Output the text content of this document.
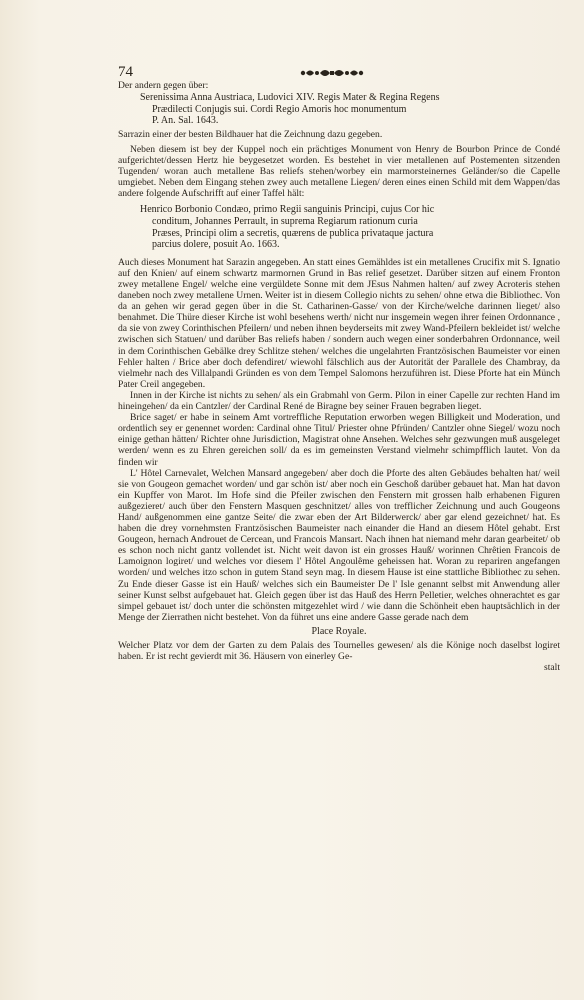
74

Der andern gegen über:

Serenissima Anna Austriaca, Ludovici XIV. Regis Mater & Regina Regens

Prædilecti Conjugis sui. Cordi Regio Amoris hoc monumentum

P. An. Sal. 1643.

Sarrazin einer der besten Bildhauer hat die Zeichnung dazu gegeben.

Neben diesem ist bey der Kuppel noch ein prächtiges Monument von Henry de Bourbon Prince de Condé aufgerichtet/dessen Hertz hie beygesetzet worden. Es bestehet in vier metallenen auf Postementen sitzenden Tugenden/ woran auch metallene Bas reliefs stehen/worbey ein marmorsteinernes Geländer/so die Capelle umgiebet. Neben dem Eingang stehen zwey auch metallene Liegen/ deren eines einen Schild mit dem Wappen/das andere folgende Aufschrifft auf einer Taffel hält:

Henrico Borbonio Condæo, primo Regii sanguinis Principi, cujus Cor hic

conditum, Johannes Perrault, in suprema Regiarum rationum curia

Præses, Principi olim a secretis, quærens de publica privataque jactura

parcius dolere, posuit Ao. 1663.

Auch dieses Monument hat Sarazin angegeben. An statt eines Gemähldes ist ein metallenes Crucifix mit S. Ignatio auf den Knien/ auf einem schwartz marmornen Grund in Bas relief gesetzet. Darüber sitzen auf einem Fronton zwey metallene Engel/ welche eine vergüldete Sonne mit dem JEsus Nahmen halten/ auf zwey Acroteris stehen daneben noch zwey metallene Urnen. Weiter ist in diesem Collegio nichts zu sehen/ ohne etwa die Bibliothec. Von da an gehen wir gerad gegen über in die St. Catharinen-Gasse/ von der Kirche/welche darinnen lieget/ also benahmet. Die Thüre dieser Kirche ist wohl besehens werth/ nicht nur insgemein wegen ihrer feinen Ordonnance , da sie von zwey Corinthischen Pfeilern/ und neben ihnen beyderseits mit zwey Wand-Pfeilern bekleidet ist/ welche zwischen sich Statuen/ und darüber Bas reliefs haben / sondern auch wegen einer sonderbahren Ordonnance, weil in dem Corinthischen Gebälke drey Schlitze stehen/ welches die ungelahrten Frantzösischen Baumeister vor einen Fehler halten / Brice aber doch defendiret/ wiewohl fälschlich aus der Autorität der Parallele des Chambray, da vielmehr nach des Villalpandi Gründen es von dem Tempel Salomons herzuführen ist. Diese Pforte hat ein Münch Pater Creil angegeben.

Innen in der Kirche ist nichts zu sehen/ als ein Grabmahl von Germ. Pilon in einer Capelle zur rechten Hand im hineingehen/ da ein Cantzler/ der Cardinal René de Biragne bey seiner Frauen begraben lieget.

Brice saget/ er habe in seinem Amt vortreffliche Reputation erworben wegen Billigkeit und Moderation, und ordentlich sey er genennet worden: Cardinal ohne Titul/ Priester ohne Pfründen/ Cantzler ohne Siegel/ wozu noch einige gethan hätten/ Richter ohne Jurisdiction, Magistrat ohne Ansehen. Welches sehr gezwungen muß ausgeleget werden/ wenn es zu Ehren gereichen soll/ da es im gemeinsten Verstand vielmehr schimpfflich lautet. Von da finden wir

L' Hôtel Carnevalet, Welchen Mansard angegeben/ aber doch die Pforte des alten Gebäudes behalten hat/ weil sie von Gougeon gemachet worden/ und gar schön ist/ aber noch ein Geschoß darüber gebauet hat. Man hat davon ein Kupffer von Marot. Im Hofe sind die Pfeiler zwischen den Fenstern mit grossen halb erhabenen Figuren außgezieret/ auch über den Fenstern Masquen geschnitzet/ alles von trefflicher Zeichnung und auch Gougeons Hand/ außgenommen eine gantze Seite/ die zwar eben der Art Bilderwerck/ aber gar elend gezeichnet/ hat. Es haben die drey vornehmsten Frantzösischen Baumeister nach einander die Hand an diesem Hôtel gehabt. Erst Gougeon, hernach Androuet de Cercean, und Francois Mansart. Nach ihnen hat niemand mehr daran gearbeitet/ ob es schon noch nicht gantz vollendet ist. Nicht weit davon ist ein grosses Hauß/ worinnen Chrêtien Francois de Lamoignon logiret/ und welches vor diesem l' Hôtel Angoulême geheissen hat. Woran zu repariren angefangen worden/ und welches itzo schon in gutem Stand seyn mag. In diesem Hause ist eine stattliche Bibliothec zu sehen. Zu Ende dieser Gasse ist ein Hauß/ welches sich ein Baumeister De l' Isle genannt selbst mit Anwendung aller seiner Kunst selbst aufgebauet hat. Gleich gegen über ist das Hauß des Herrn Pelletier, welches ohnerachtet es gar simpel gebauet ist/ doch unter die schönsten mitgezehlet wird / wie dann die Schönheit eben hauptsächlich in der Menge der Zierrathen nicht bestehet. Von da führet uns eine andere Gasse gerade nach dem

Place Royale.

Welcher Platz vor dem der Garten zu dem Palais des Tournelles gewesen/ als die Könige noch daselbst logiret haben. Er ist recht gevierdt mit 36. Häusern von einerley Ge-

stalt
